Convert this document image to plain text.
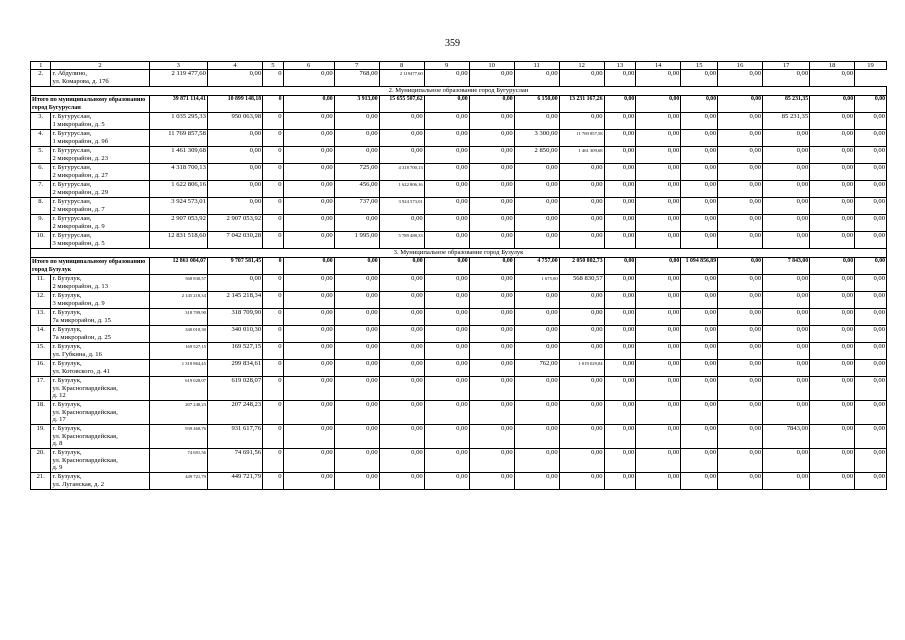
359
1	2	3	4	5	6	7	8	9	10	11	12	13	14	15	16	17	18	19
2.	г. Абдулино,
ул. Комарова, д. 17б	2 119 477,60	0,00	0	0,00	768,00	2 119477,60	0,00	0,00	0,00	0,00	0,00	0,00	0,00	0,00	0,00	0,00	
2. Муниципальное образование город Бугуруслан																		
Итого по муниципальному образованию город Бугуруслан		39 871 114,41	10 899 148,18	0	0,00	3 913,00	15 655 507,62	0,00	0,00	6 150,00	13 231 167,26	0,00	0,00	0,00	0,00	85 231,35	0,00	0,00
3.	г. Бугуруслан,
1 микрорайон, д. 5	1 035 295,33	950 063,98	0	0,00	0,00	0,00	0,00	0,00	0,00	0,00	0,00	0,00	0,00	0,00	85 231,35	0,00	0,00
4.	г. Бугуруслан,
1 микрорайон, д. 9б	11 769 857,58	0,00	0	0,00	0,00	0,00	0,00	0,00	3 300,00	11 769 857,58	0,00	0,00	0,00	0,00	0,00	0,00	0,00
5.	г. Бугуруслан,
2 микрорайон, д. 23	1 461 309,68	0,00	0	0,00	0,00	0,00	0,00	0,00	2 850,00	1 461 309,68	0,00	0,00	0,00	0,00	0,00	0,00	0,00
6.	г. Бугуруслан,
2 микрорайон, д. 27	4 318 700,13	0,00	0	0,00	725,00	4 318 700,13	0,00	0,00	0,00	0,00	0,00	0,00	0,00	0,00	0,00	0,00	0,00
7.	г. Бугуруслан,
2 микрорайон, д. 29	1 622 806,16	0,00	0	0,00	456,00	1 622 806,16	0,00	0,00	0,00	0,00	0,00	0,00	0,00	0,00	0,00	0,00	0,00
8.	г. Бугуруслан,
2 микрорайон, д. 7	3 924 573,01	0,00	0	0,00	737,00	3 924 573,01	0,00	0,00	0,00	0,00	0,00	0,00	0,00	0,00	0,00	0,00	0,00
9.	г. Бугуруслан,
2 микрорайон, д. 9	2 907 053,92	2 907 053,92	0	0,00	0,00	0,00	0,00	0,00	0,00	0,00	0,00	0,00	0,00	0,00	0,00	0,00	0,00
10.	г. Бугуруслан,
3 микрорайон, д. 5	12 831 518,60	7 042 030,28	0	0,00	1 995,00	5 789 488,33	0,00	0,00	0,00	0,00	0,00	0,00	0,00	0,00	0,00	0,00	0,00
3. Муниципальное образование город Бузулук																		
Итого по муниципальному образованию город Бузулук		12 861 084,07	9 707 581,45	0	0,00	0,00	0,00	0,00	0,00	4 757,00	2 050 802,73	0,00	0,00	1 094 856,89	0,00	7 843,00	0,00	0,00
11.	г. Бузулук,
2 микрорайон, д. 13	568 830,57	0,00	0	0,00	0,00	0,00	0,00	0,00	1 675,00	568 830,57	0,00	0,00	0,00	0,00	0,00	0,00	0,00
12.	г. Бузулук,
3 микрорайон, д. 9	2 145 218,34	2 145 218,34	0	0,00	0,00	0,00	0,00	0,00	0,00	0,00	0,00	0,00	0,00	0,00	0,00	0,00	0,00
13.	г. Бузулук,
7а микрорайон, д. 15	318 709,90	318 709,90	0	0,00	0,00	0,00	0,00	0,00	0,00	0,00	0,00	0,00	0,00	0,00	0,00	0,00	0,00
14.	г. Бузулук,
7а микрорайон, д. 25	340 010,30	340 010,30	0	0,00	0,00	0,00	0,00	0,00	0,00	0,00	0,00	0,00	0,00	0,00	0,00	0,00	0,00
15.	г. Бузулук,
ул. Губкина, д. 16	169 527,15	169 527,15	0	0,00	0,00	0,00	0,00	0,00	0,00	0,00	0,00	0,00	0,00	0,00	0,00	0,00	0,00
16.	г. Бузулук,
ул. Котовского, д. 41	1 318 864,45	299 834,61	0	0,00	0,00	0,00	0,00	0,00	762,00	1 019 029,84	0,00	0,00	0,00	0,00	0,00	0,00	0,00
17.	г. Бузулук,
ул. Красногвардейская,
д. 12	619 028,07	619 028,07	0	0,00	0,00	0,00	0,00	0,00	0,00	0,00	0,00	0,00	0,00	0,00	0,00	0,00	0,00
18.	г. Бузулук,
ул. Красногвардейская,
д. 17	207 248,23	207 248,23	0	0,00	0,00	0,00	0,00	0,00	0,00	0,00	0,00	0,00	0,00	0,00	0,00	0,00	0,00
19.	г. Бузулук,
ул. Красногвардейская,
д. 8	939 460,76	931 617,76	0	0,00	0,00	0,00	0,00	0,00	0,00	0,00	0,00	0,00	0,00	0,00	7843,00	0,00	0,00
20.	г. Бузулук,
ул. Красногвардейская,
д. 9	74 691,56	74 691,56	0	0,00	0,00	0,00	0,00	0,00	0,00	0,00	0,00	0,00	0,00	0,00	0,00	0,00	0,00
21.	г. Бузулук,
ул. Луганская, д. 2	449 721,79	449 721,79	0	0,00	0,00	0,00	0,00	0,00	0,00	0,00	0,00	0,00	0,00	0,00	0,00	0,00	0,00
